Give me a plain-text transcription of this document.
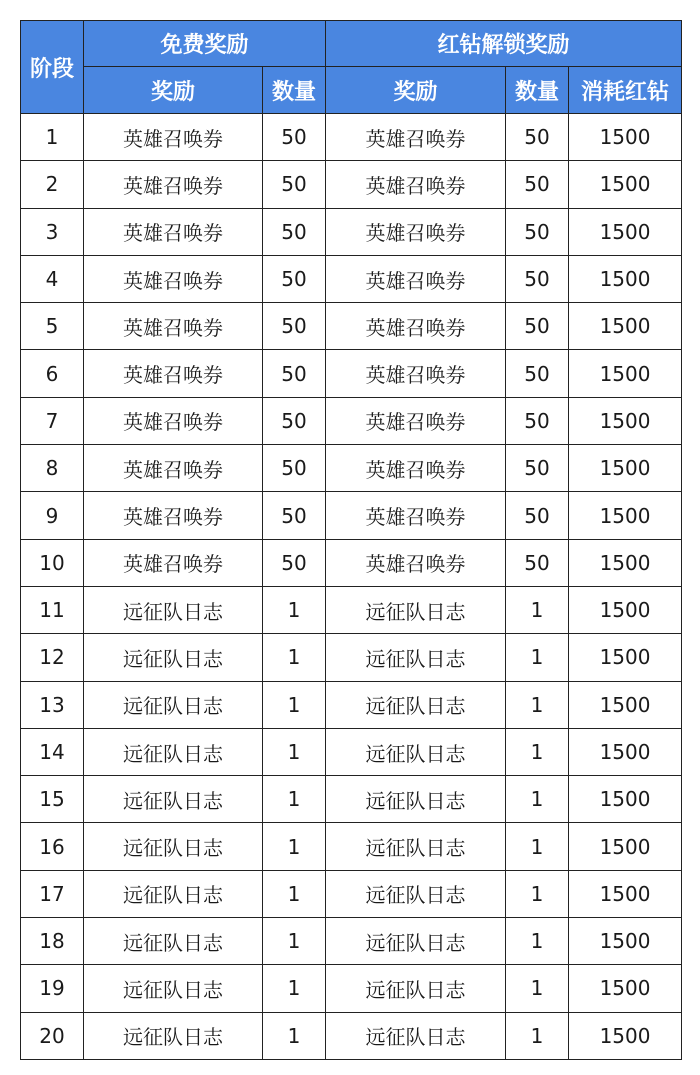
阶段	免费奖励		红钻解锁奖励		
	奖励	数量	奖励	数量	消耗红钻
1	英雄召唤券	50	英雄召唤券	50	1500
2	英雄召唤券	50	英雄召唤券	50	1500
3	英雄召唤券	50	英雄召唤券	50	1500
4	英雄召唤券	50	英雄召唤券	50	1500
5	英雄召唤券	50	英雄召唤券	50	1500
6	英雄召唤券	50	英雄召唤券	50	1500
7	英雄召唤券	50	英雄召唤券	50	1500
8	英雄召唤券	50	英雄召唤券	50	1500
9	英雄召唤券	50	英雄召唤券	50	1500
10	英雄召唤券	50	英雄召唤券	50	1500
11	远征队日志	1	远征队日志	1	1500
12	远征队日志	1	远征队日志	1	1500
13	远征队日志	1	远征队日志	1	1500
14	远征队日志	1	远征队日志	1	1500
15	远征队日志	1	远征队日志	1	1500
16	远征队日志	1	远征队日志	1	1500
17	远征队日志	1	远征队日志	1	1500
18	远征队日志	1	远征队日志	1	1500
19	远征队日志	1	远征队日志	1	1500
20	远征队日志	1	远征队日志	1	1500
